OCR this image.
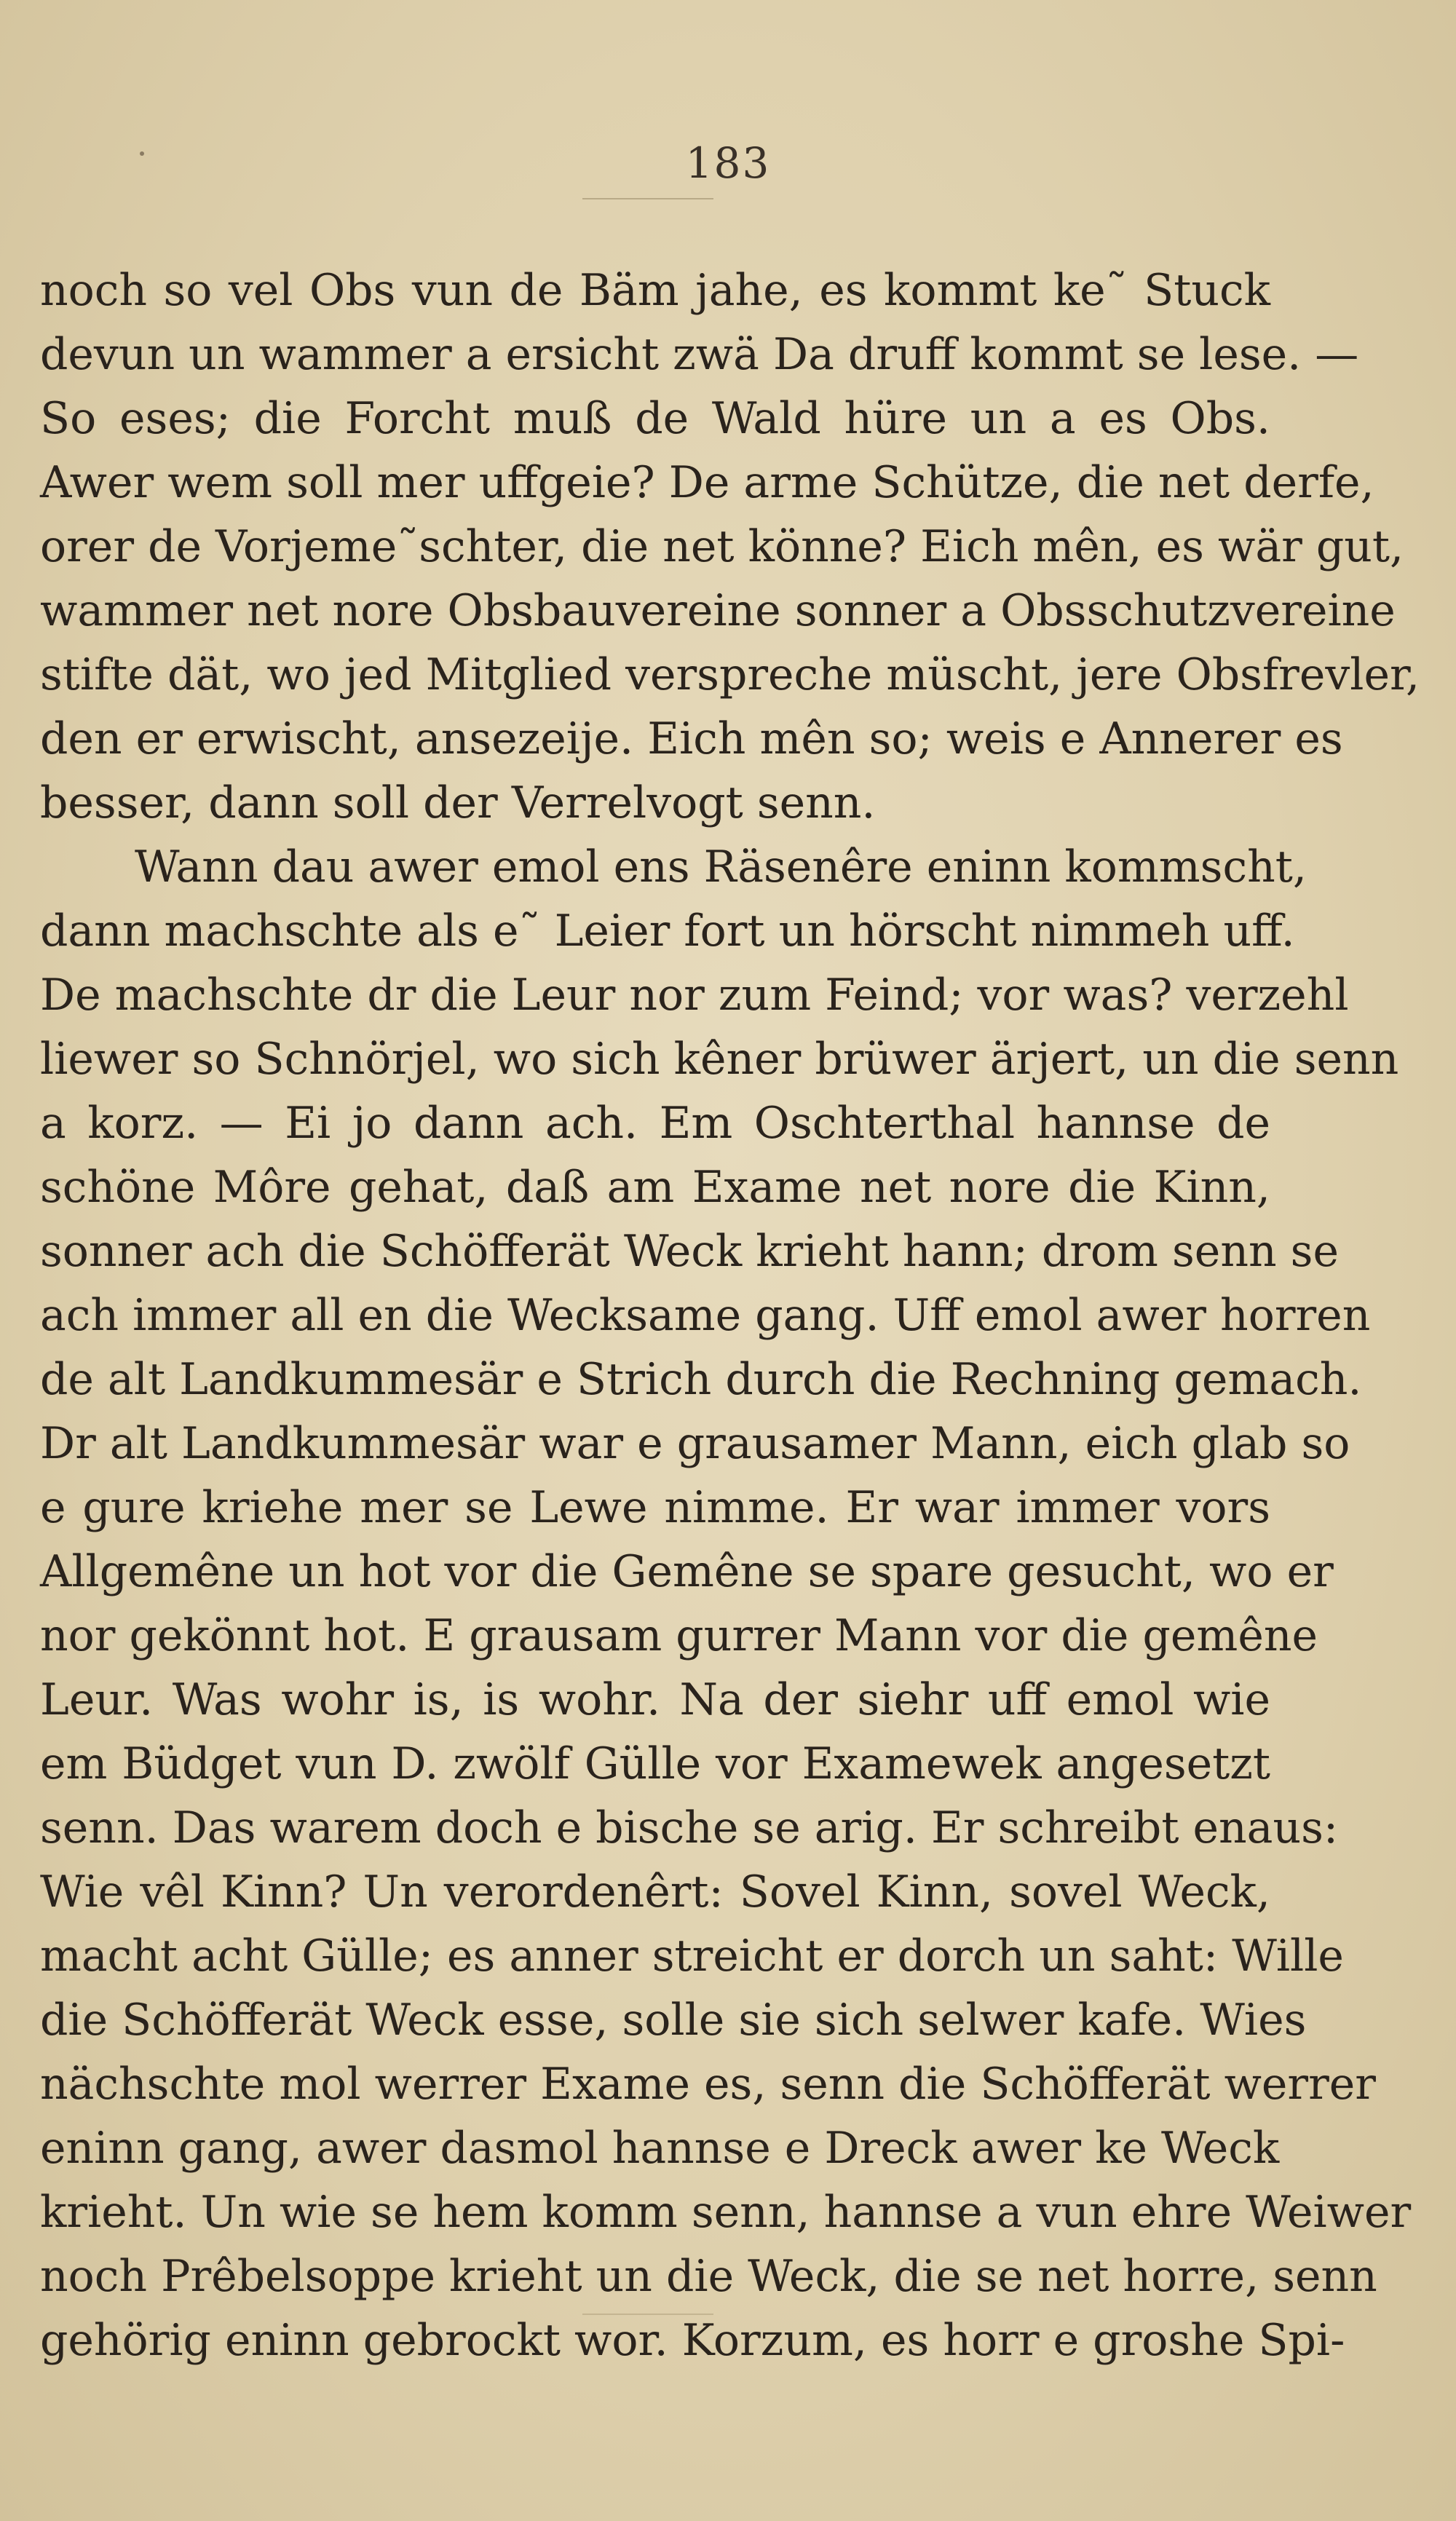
183
noch so vel Obs vun de Bäm jahe, es kommt ke˜ Stuck
devun un wammer a ersicht zwä Da druff kommt se lese. —
So eses; die Forcht muß de Wald hüre un a es Obs.
Awer wem soll mer uffgeie? De arme Schütze, die net derfe,
orer de Vorjeme˜schter, die net könne? Eich mên, es wär gut,
wammer net nore Obsbauvereine sonner a Obsschutzvereine
stifte dät, wo jed Mitglied verspreche müscht, jere Obsfrevler,
den er erwischt, ansezeije. Eich mên so; weis e Annerer es
besser, dann soll der Verrelvogt senn.
Wann dau awer emol ens Räsenêre eninn kommscht,
dann machschte als e˜ Leier fort un hörscht nimmeh uff.
De machschte dr die Leur nor zum Feind; vor was? verzehl
liewer so Schnörjel, wo sich kêner brüwer ärjert, un die senn
a korz. — Ei jo dann ach. Em Oschterthal hannse de
schöne Môre gehat, daß am Exame net nore die Kinn,
sonner ach die Schöfferät Weck krieht hann; drom senn se
ach immer all en die Wecksame gang. Uff emol awer horren
de alt Landkummesär e Strich durch die Rechning gemach.
Dr alt Landkummesär war e grausamer Mann, eich glab so
e gure kriehe mer se Lewe nimme. Er war immer vors
Allgemêne un hot vor die Gemêne se spare gesucht, wo er
nor gekönnt hot. E grausam gurrer Mann vor die gemêne
Leur. Was wohr is, is wohr. Na der siehr uff emol wie
em Büdget vun D. zwölf Gülle vor Examewek angesetzt
senn. Das warem doch e bische se arig. Er schreibt enaus:
Wie vêl Kinn? Un verordenêrt: Sovel Kinn, sovel Weck,
macht acht Gülle; es anner streicht er dorch un saht: Wille
die Schöfferät Weck esse, solle sie sich selwer kafe. Wies
nächschte mol werrer Exame es, senn die Schöfferät werrer
eninn gang, awer dasmol hannse e Dreck awer ke Weck
krieht. Un wie se hem komm senn, hannse a vun ehre Weiwer
noch Prêbelsoppe krieht un die Weck, die se net horre, senn
gehörig eninn gebrockt wor. Korzum, es horr e groshe Spi-
